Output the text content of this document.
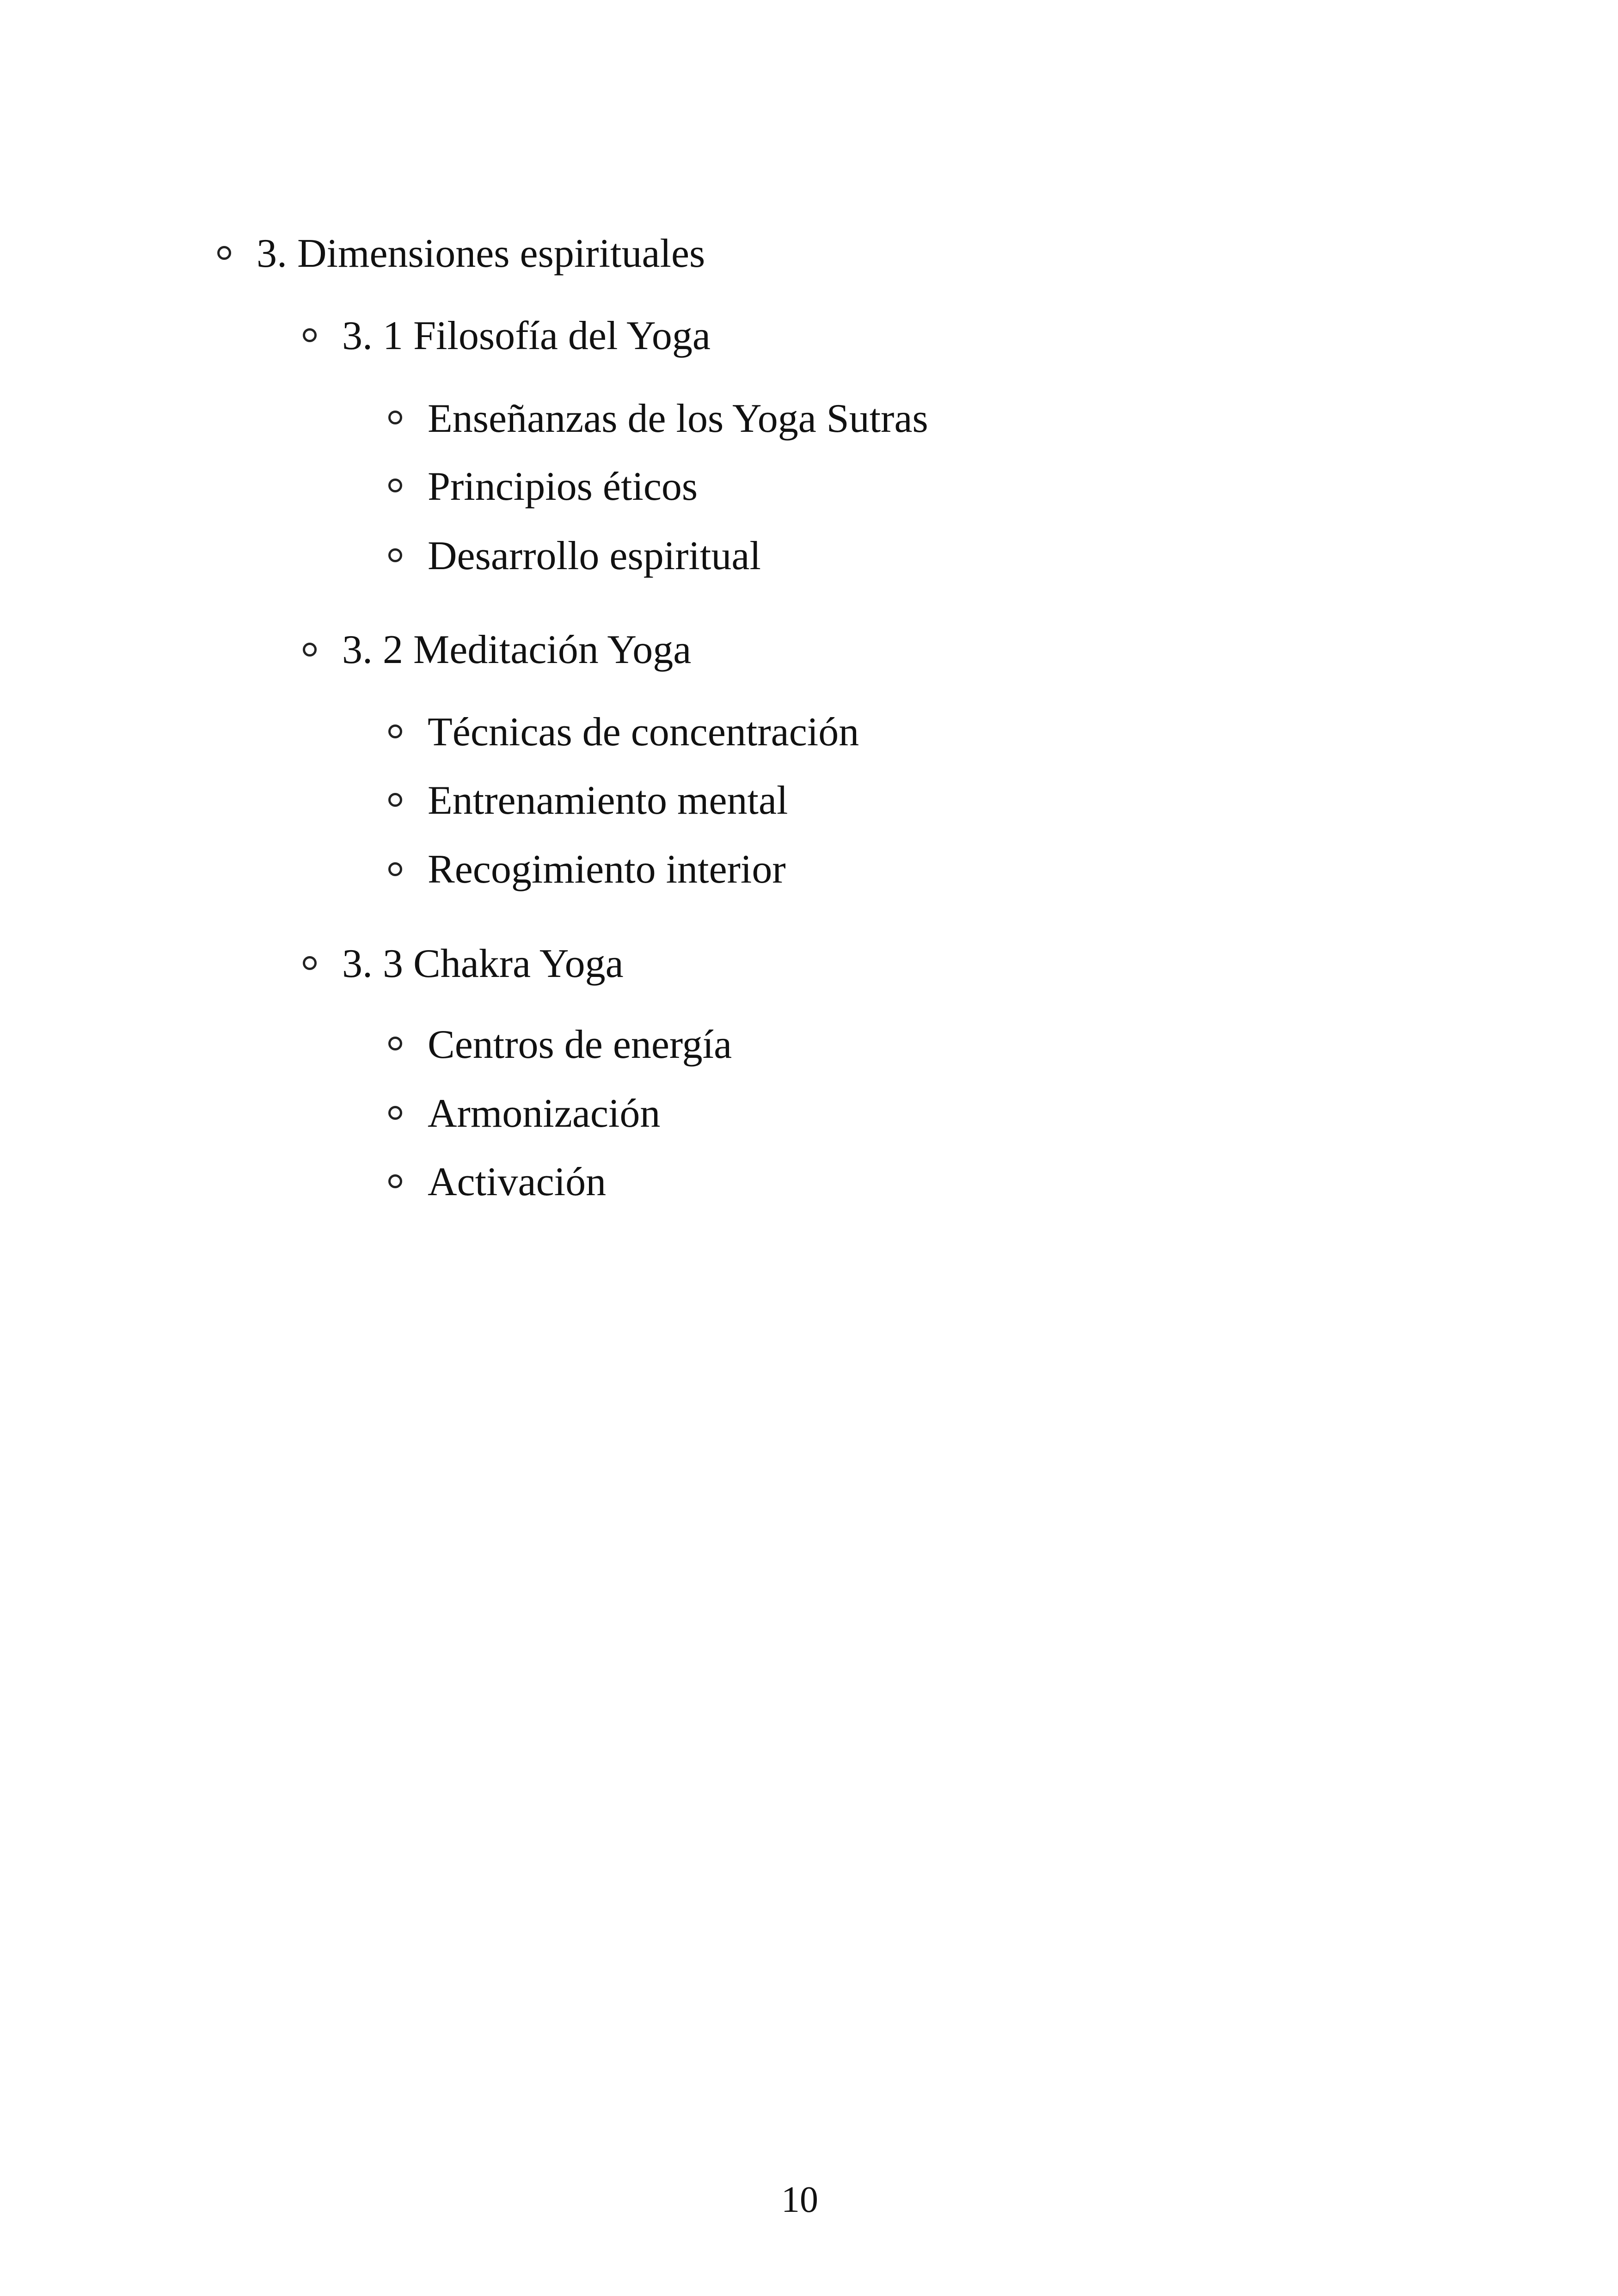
3. Dimensiones espirituales
3. 1 Filosofía del Yoga
Enseñanzas de los Yoga Sutras
Principios éticos
Desarrollo espiritual
3. 2 Meditación Yoga
Técnicas de concentración
Entrenamiento mental
Recogimiento interior
3. 3 Chakra Yoga
Centros de energía
Armonización
Activación
10
